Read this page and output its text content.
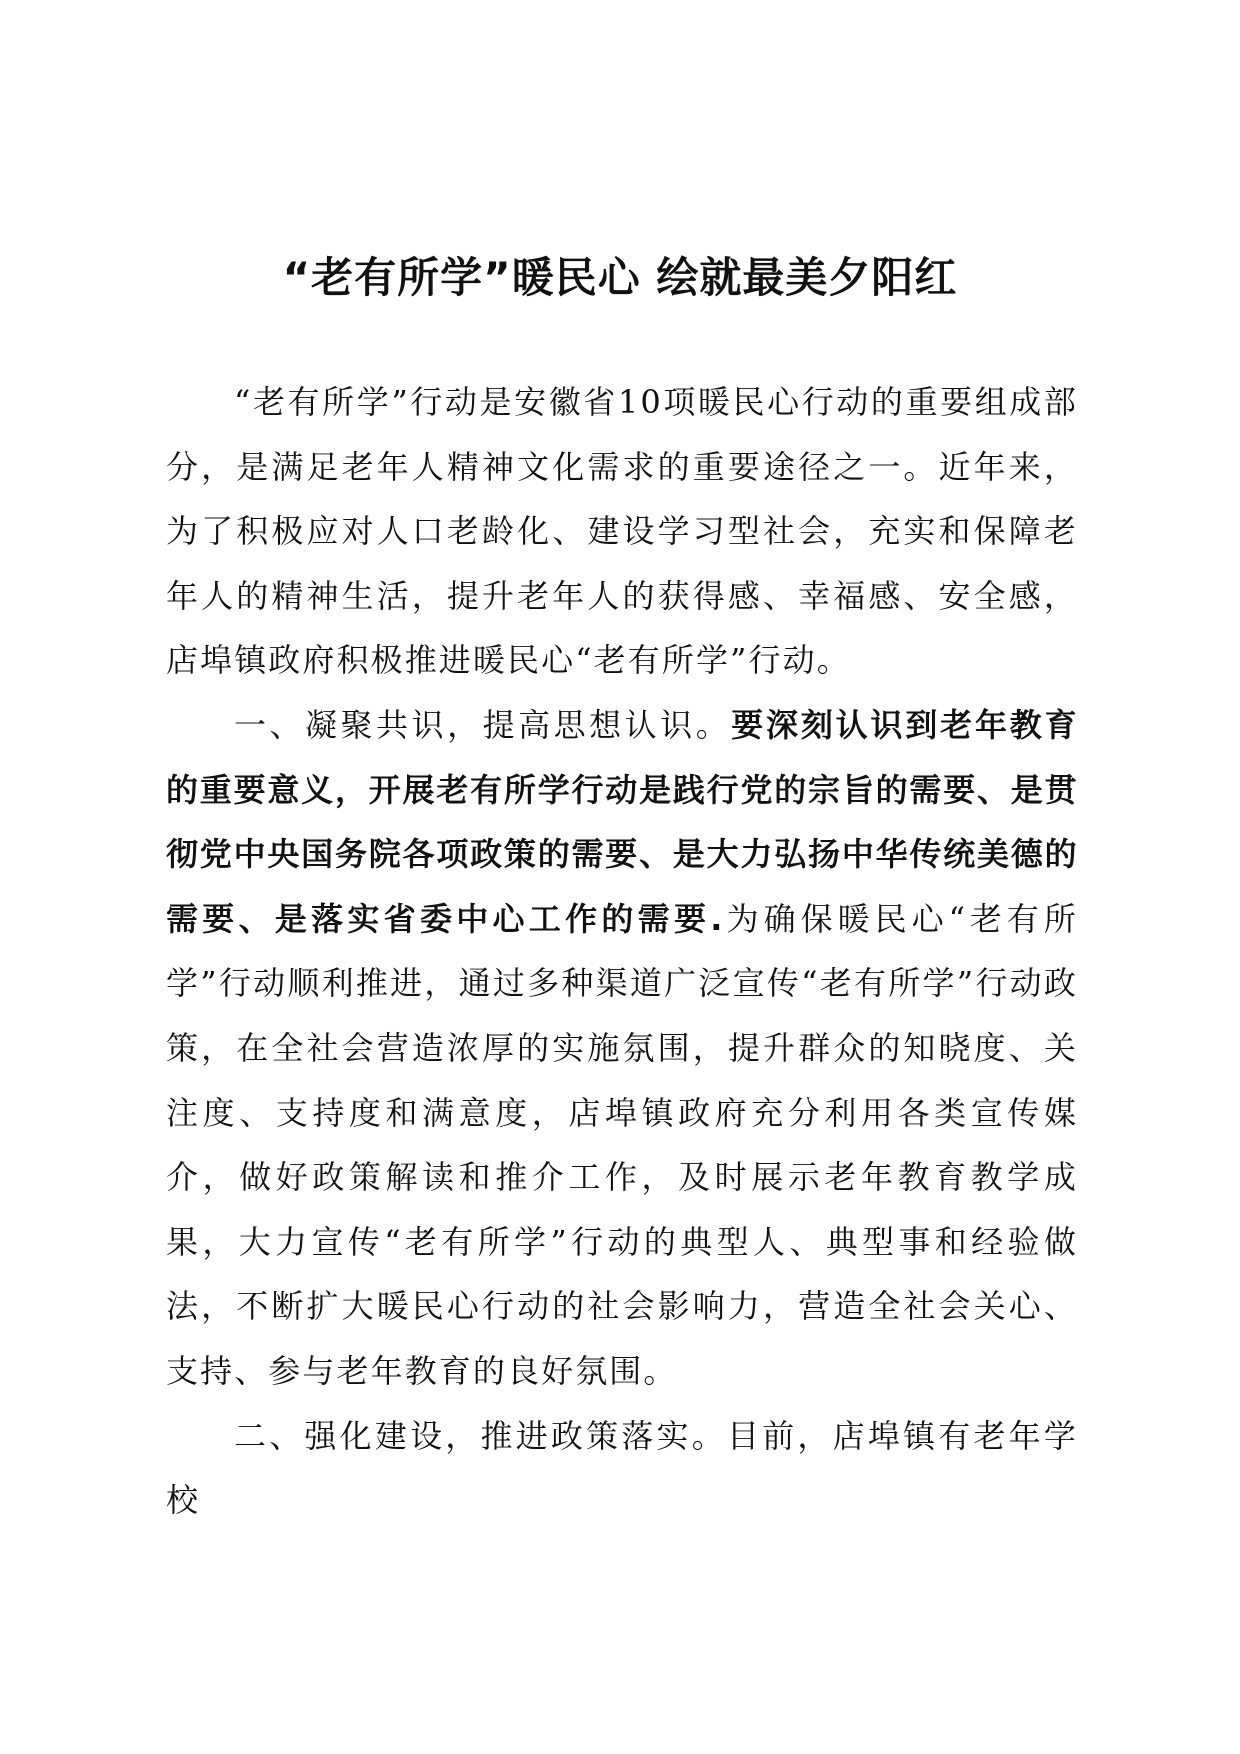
“老有所学”暖民心 绘就最美夕阳红

“老有所学”行动是安徽省10项暖民心行动的重要组成部分，是满足老年人精神文化需求的重要途径之一。近年来，为了积极应对人口老龄化、建设学习型社会，充实和保障老年人的精神生活，提升老年人的获得感、幸福感、安全感，店埠镇政府积极推进暖民心“老有所学”行动。

一、凝聚共识，提高思想认识。要深刻认识到老年教育的重要意义，开展老有所学行动是践行党的宗旨的需要、是贯彻党中央国务院各项政策的需要、是大力弘扬中华传统美德的需要、是落实省委中心工作的需要.为确保暖民心“老有所学”行动顺利推进，通过多种渠道广泛宣传“老有所学”行动政策，在全社会营造浓厚的实施氛围，提升群众的知晓度、关注度、支持度和满意度，店埠镇政府充分利用各类宣传媒介，做好政策解读和推介工作，及时展示老年教育教学成果，大力宣传“老有所学”行动的典型人、典型事和经验做法，不断扩大暖民心行动的社会影响力，营造全社会关心、支持、参与老年教育的良好氛围。

二、强化建设，推进政策落实。目前，店埠镇有老年学校
